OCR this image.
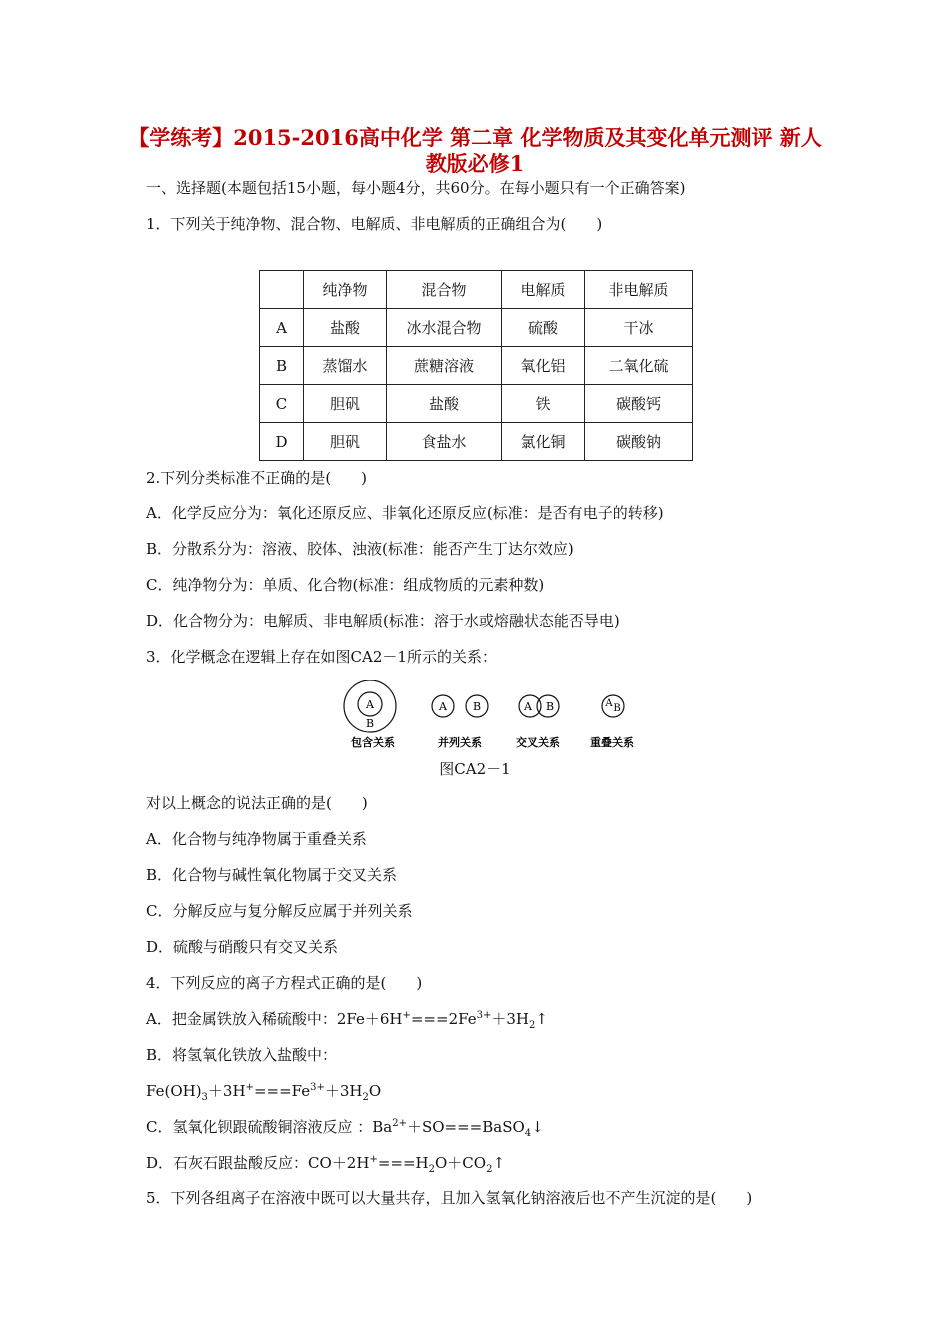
【学练考】2015-2016高中化学 第二章 化学物质及其变化单元测评 新人
教版必修1
一、选择题(本题包括15小题，每小题4分，共60分。在每小题只有一个正确答案)
1．下列关于纯净物、混合物、电解质、非电解质的正确组合为(　　)
	纯净物	混合物	电解质	非电解质
A	盐酸	冰水混合物	硫酸	干冰
B	蒸馏水	蔗糖溶液	氧化铝	二氧化硫
C	胆矾	盐酸	铁	碳酸钙
D	胆矾	食盐水	氯化铜	碳酸钠
2.下列分类标准不正确的是(　　)
A．化学反应分为：氧化还原反应、非氧化还原反应(标准：是否有电子的转移)
B．分散系分为：溶液、胶体、浊液(标准：能否产生丁达尔效应)
C．纯净物分为：单质、化合物(标准：组成物质的元素种数)
D．化合物分为：电解质、非电解质(标准：溶于水或熔融状态能否导电)
3．化学概念在逻辑上存在如图CA2－1所示的关系：
A
B
包含关系
A B
并列关系
A B
交叉关系
A B
重叠关系
图CA2－1
对以上概念的说法正确的是(　　)
A．化合物与纯净物属于重叠关系
B．化合物与碱性氧化物属于交叉关系
C．分解反应与复分解反应属于并列关系
D．硫酸与硝酸只有交叉关系
4．下列反应的离子方程式正确的是(　　)
A．把金属铁放入稀硫酸中：$2Fe+6H^+===2Fe^{3+}+3H_2↑$
B．将氢氧化铁放入盐酸中：
$Fe(OH)_3+3H^+===Fe^{3+}+3H_2O$
C．氢氧化钡跟硫酸铜溶液反应 ：$Ba^{2+}+SO===BaSO_4↓$
D．石灰石跟盐酸反应：$CO+2H^+===H_2O+CO_2↑$
5．下列各组离子在溶液中既可以大量共存，且加入氢氧化钠溶液后也不产生沉淀的是(　　)
